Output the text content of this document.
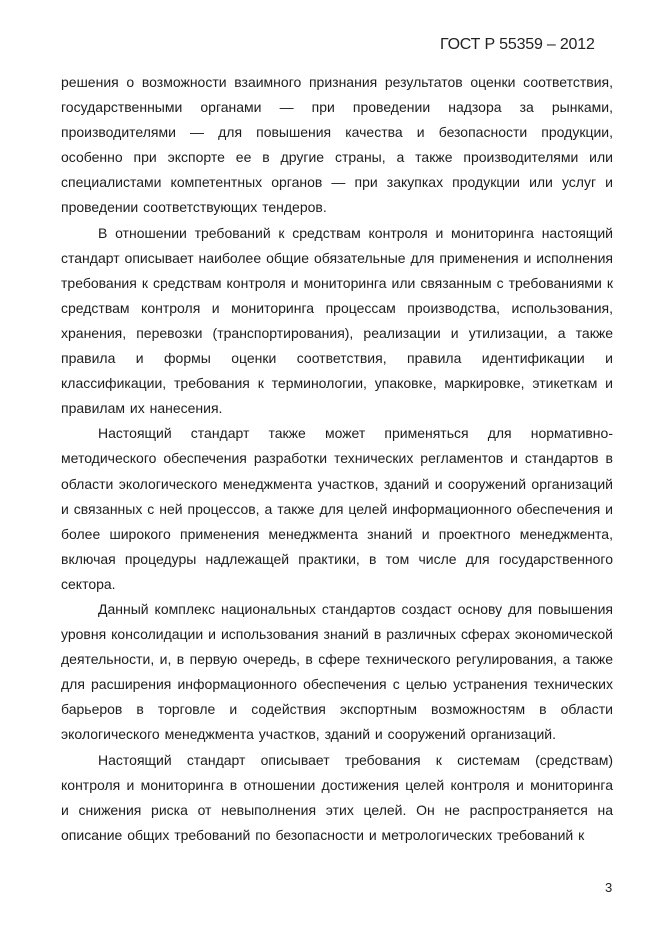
ГОСТ Р 55359 – 2012

решения о возможности взаимного признания результатов оценки соответствия, государственными органами — при проведении надзора за рынками, производителями — для повышения качества и безопасности продукции, особенно при экспорте ее в другие страны, а также производителями или специалистами компетентных органов — при закупках продукции или услуг и проведении соответствующих тендеров.

В отношении требований к средствам контроля и мониторинга настоящий стандарт описывает наиболее общие обязательные для применения и исполнения требования к средствам контроля и мониторинга или связанным с требованиями к средствам контроля и мониторинга процессам производства, использования, хранения, перевозки (транспортирования), реализации и утилизации, а также правила и формы оценки соответствия, правила идентификации и классификации, требования к терминологии, упаковке, маркировке, этикеткам и правилам их нанесения.

Настоящий стандарт также может применяться для нормативно-методического обеспечения разработки технических регламентов и стандартов в области экологического менеджмента участков, зданий и сооружений организаций и связанных с ней процессов, а также для целей информационного обеспечения и более широкого применения менеджмента знаний и проектного менеджмента, включая процедуры надлежащей практики, в том числе для государственного сектора.

Данный комплекс национальных стандартов создаст основу для повышения уровня консолидации и использования знаний в различных сферах экономической деятельности, и, в первую очередь, в сфере технического регулирования, а также для расширения информационного обеспечения с целью устранения технических барьеров в торговле и содействия экспортным возможностям в области экологического менеджмента участков, зданий и сооружений организаций.

Настоящий стандарт описывает требования к системам (средствам) контроля и мониторинга в отношении достижения целей контроля и мониторинга и снижения риска от невыполнения этих целей. Он не распространяется на описание общих требований по безопасности и метрологических требований к

3
